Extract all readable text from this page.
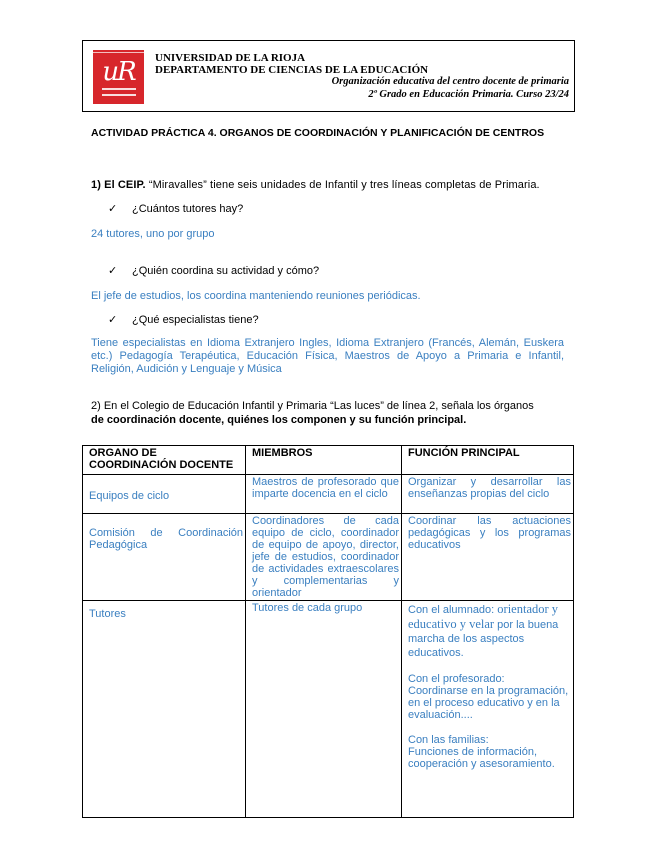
uR UNIVERSIDAD DE LA RIOJA
DEPARTAMENTO DE CIENCIAS DE LA EDUCACIÓN
Organización educativa del centro docente de primaria
2º Grado en Educación Primaria. Curso 23/24
ACTIVIDAD PRÁCTICA 4. ORGANOS DE COORDINACIÓN Y PLANIFICACIÓN DE CENTROS
1) El CEIP. “Miravalles” tiene seis unidades de Infantil y tres líneas completas de Primaria.
✓ ¿Cuántos tutores hay?
24 tutores, uno por grupo
✓ ¿Quién coordina su actividad y cómo?
El jefe de estudios, los coordina manteniendo reuniones periódicas.
✓ ¿Qué especialistas tiene?
Tiene especialistas en Idioma Extranjero Ingles, Idioma Extranjero (Francés, Alemán, Euskera etc.) Pedagogía Terapéutica, Educación Física, Maestros de Apoyo a Primaria e Infantil, Religión, Audición y Lenguaje y Música
2) En el Colegio de Educación Infantil y Primaria “Las luces” de línea 2, señala los órganos
de coordinación docente, quiénes los componen y su función principal.
ORGANO DE COORDINACIÓN DOCENTE	MIEMBROS	FUNCIÓN PRINCIPAL
Equipos de ciclo	Maestros de profesorado que imparte docencia en el ciclo	Organizar y desarrollar las enseñanzas propias del ciclo
Comisión de Coordinación Pedagógica	Coordinadores de cada equipo de ciclo, coordinador de equipo de apoyo, director, jefe de estudios, coordinador de actividades extraescolares y complementarias y orientador	Coordinar las actuaciones pedagógicas y los programas educativos
Tutores	Tutores de cada grupo	Con el alumnado: orientador y educativo y velar por la buena marcha de los aspectos educativos.
Con el profesorado:
Coordinarse en la programación, en el proceso educativo y en la evaluación....
Con las familias:
Funciones de información, cooperación y asesoramiento.
